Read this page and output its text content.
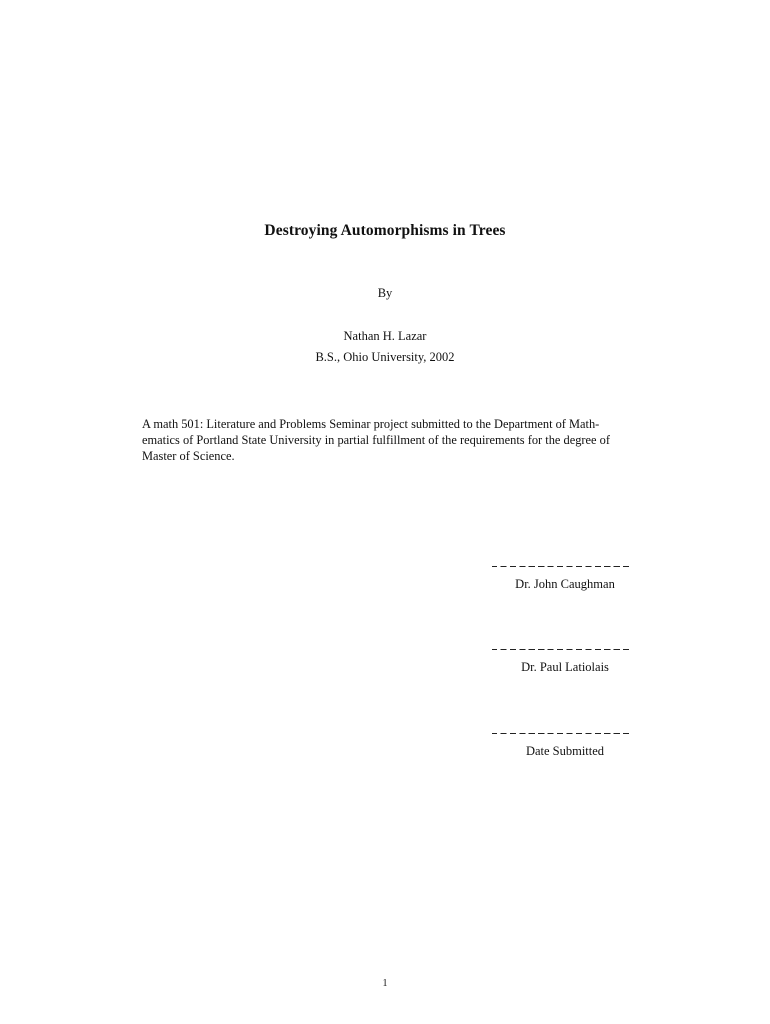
Destroying Automorphisms in Trees
By
Nathan H. Lazar
B.S., Ohio University, 2002
A math 501: Literature and Problems Seminar project submitted to the Department of Math-
ematics of Portland State University in partial fulfillment of the requirements for the degree of
Master of Science.
Dr. John Caughman
Dr. Paul Latiolais
Date Submitted
1
